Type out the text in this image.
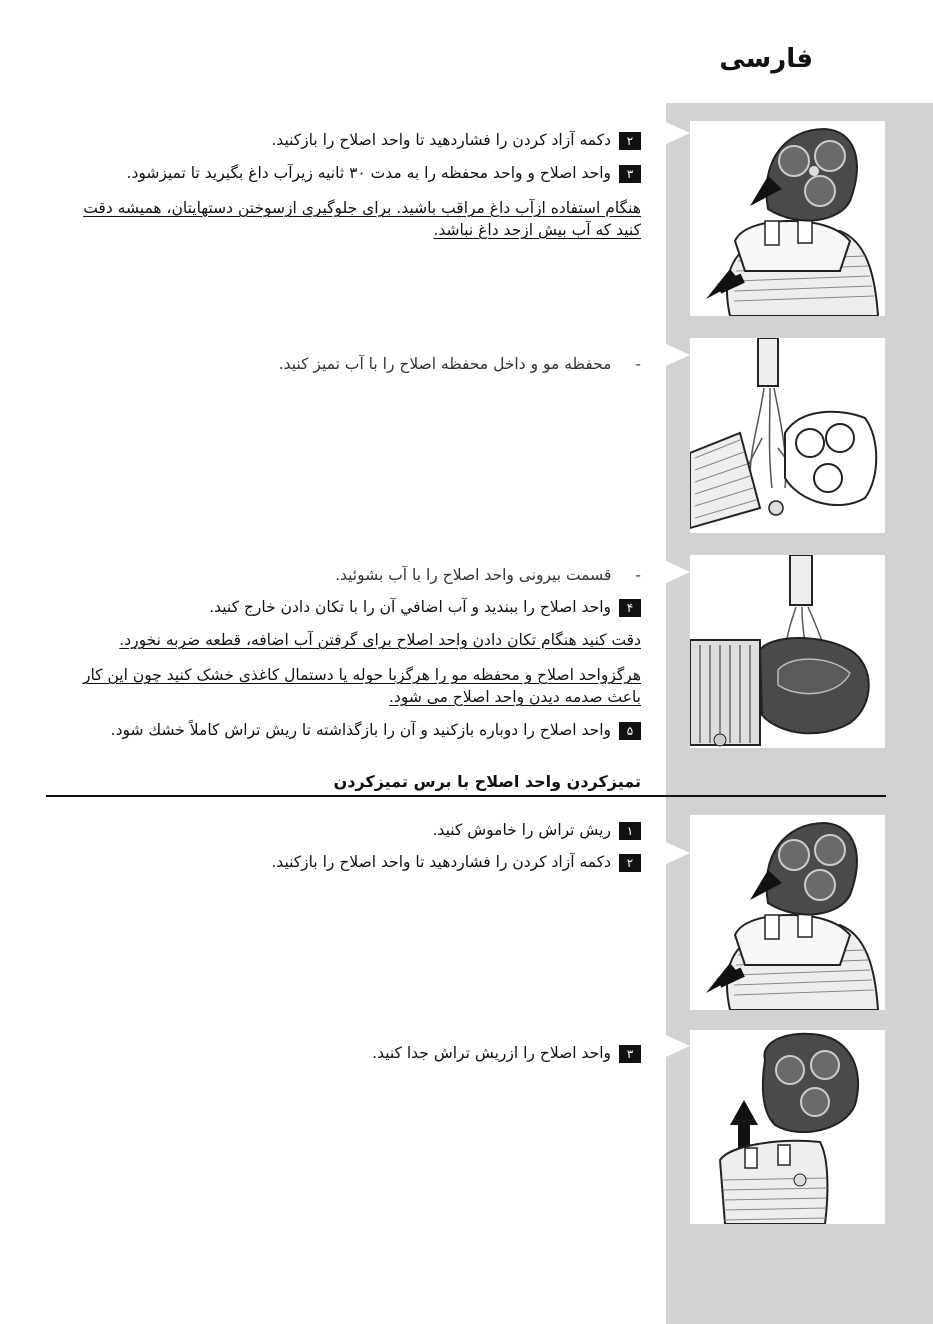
فارسی
۲دکمه آزاد کردن را فشاردهید تا واحد اصلاح را بازکنید.
۳واحد اصلاح و واحد محفظه را به مدت ۳۰ ثانیه زیرآب داغ بگیرید تا تمیزشود.
هنگام استفاده ازآب داغ مراقب باشید. برای جلوگیری ازسوختن دستهایتان، همیشه دقت
کنید که آب بیش ازحد داغ نباشد.
-محفظه مو و داخل محفظه اصلاح را با آب تمیز کنید.
-قسمت بیرونی واحد اصلاح را با آب بشوئید.
۴واحد اصلاح را ببندید و آب اضافي آن را با تکان دادن خارج کنید.
دقت کنید هنگام تکان دادن واحد اصلاح برای گرفتن آب اضافه، قطعه ضربه نخورد.
هرگزواحد اصلاح و محفظه مو را هرگزبا حوله یا دستمال کاغذی خشک کنید چون این کار
باعث صدمه دیدن واحد اصلاح می شود.
۵واحد اصلاح را دوباره بازکنید و آن را بازگذاشته تا ریش تراش کاملاً خشك شود.
تمیزکردن واحد اصلاح با برس تمیزکردن
۱ریش تراش را خاموش کنید.
۲دکمه آزاد کردن را فشاردهید تا واحد اصلاح را بازکنید.
۳واحد اصلاح را ازریش تراش جدا کنید.
